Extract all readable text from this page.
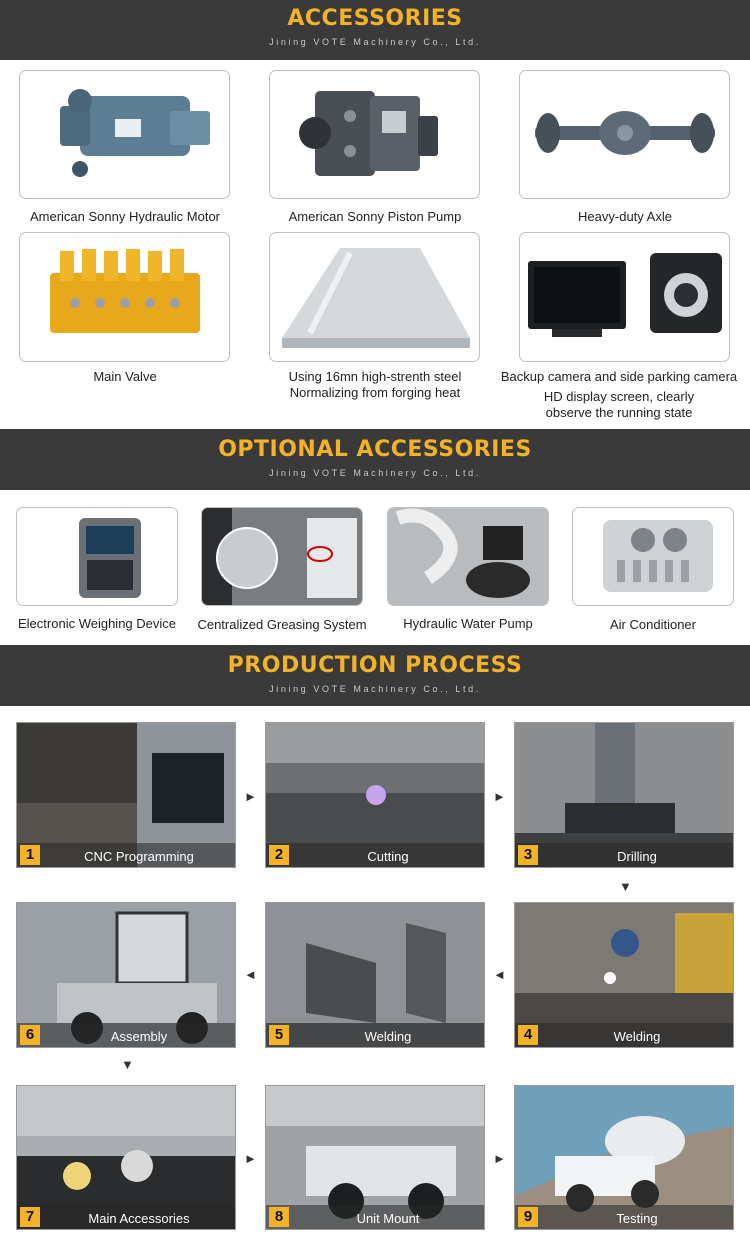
ACCESSORIES
Jining VOTE Machinery Co., Ltd.
American Sonny Hydraulic Motor	American Sonny Piston Pump	Heavy-duty Axle
Main Valve	Using 16mn high-strenth steel
Normalizing from forging heat
Backup camera and side parking camera
HD display screen, clearly
observe the running state
OPTIONAL ACCESSORIES
Jining VOTE Machinery Co., Ltd.
Electronic Weighing Device	Centralized Greasing System	Hydraulic Water Pump	Air Conditioner
PRODUCTION PROCESS
Jining VOTE Machinery Co., Ltd.
1	CNC Programming
►
2	Cutting
►
3	Drilling
▼
6	Assembly
◄
5	Welding
◄
4	Welding
▼
7	Main Accessories
►
8	Unit Mount
►
9	Testing
